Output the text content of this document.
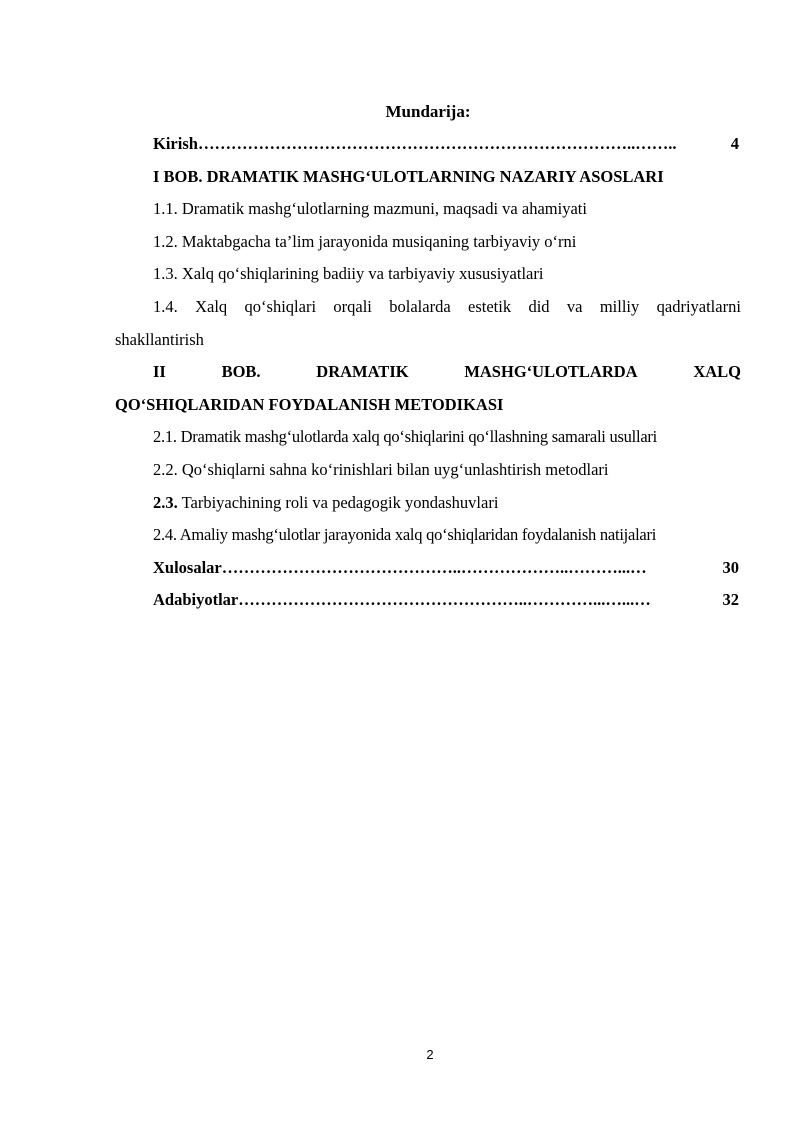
Mundarija:

Kirish ……………………………………………………………………..……..	4

I BOB. DRAMATIK MASHG‘ULOTLARNING NAZARIY ASOSLARI

1.1. Dramatik mashg‘ulotlarning mazmuni, maqsadi va ahamiyati

1.2. Maktabgacha ta’lim jarayonida musiqaning tarbiyaviy o‘rni

1.3. Xalq qo‘shiqlarining badiiy va tarbiyaviy xususiyatlari

1.4. Xalq qo‘shiqlari orqali bolalarda estetik did va milliy qadriyatlarni

shakllantirish

II	BOB.	DRAMATIK	MASHG‘ULOTLARDA	XALQ

QO‘SHIQLARIDAN FOYDALANISH METODIKASI

2.1. Dramatik mashg‘ulotlarda xalq qo‘shiqlarini qo‘llashning samarali usullari

2.2. Qo‘shiqlarni sahna ko‘rinishlari bilan uyg‘unlashtirish metodlari

2.3. Tarbiyachining roli va pedagogik yondashuvlari

2.4. Amaliy mashg‘ulotlar jarayonida xalq qo‘shiqlaridan foydalanish natijalari

Xulosalar ……………………………………..………………..………...…	30
Adabiyotlar ……………………………………………..…………...…...…	32
2
